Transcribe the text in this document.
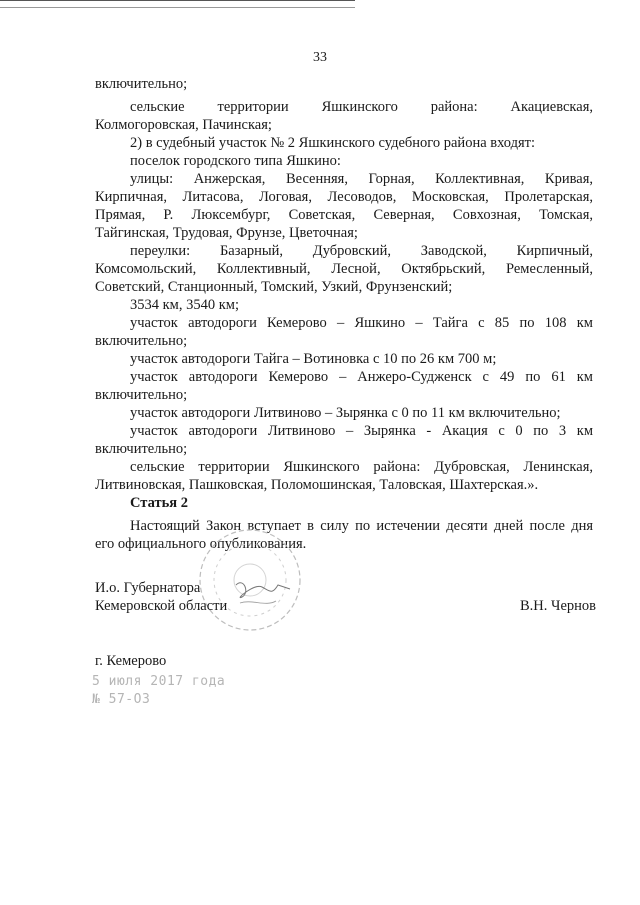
33
включительно;
сельские территории Яшкинского района: Акациевская,
Колмогоровская, Пачинская;
2) в судебный участок № 2 Яшкинского судебного района входят:
поселок городского типа Яшкино:
улицы: Анжерская, Весенняя, Горная, Коллективная, Кривая,
Кирпичная, Литасова, Логовая, Лесоводов, Московская, Пролетарская,
Прямая, Р. Люксембург, Советская, Северная, Совхозная, Томская,
Тайгинская, Трудовая, Фрунзе, Цветочная;
переулки: Базарный, Дубровский, Заводской, Кирпичный,
Комсомольский, Коллективный, Лесной, Октябрьский, Ремесленный,
Советский, Станционный, Томский, Узкий, Фрунзенский;
3534 км, 3540 км;
участок автодороги Кемерово – Яшкино – Тайга с 85 по 108 км
включительно;
участок автодороги Тайга – Вотиновка с 10 по 26 км 700 м;
участок автодороги Кемерово – Анжеро-Судженск с 49 по 61 км
включительно;
участок автодороги Литвиново – Зырянка с 0 по 11 км включительно;
участок автодороги Литвиново – Зырянка - Акация с 0 по 3 км
включительно;
сельские территории Яшкинского района: Дубровская, Ленинская,
Литвиновская, Пашковская, Поломошинская, Таловская, Шахтерская.».
Статья 2
Настоящий Закон вступает в силу по истечении десяти дней после дня
его официального опубликования.
И.о. Губернатора
Кемеровской области	В.Н. Чернов
г. Кемерово
5 июля 2017 года
№ 57-ОЗ
